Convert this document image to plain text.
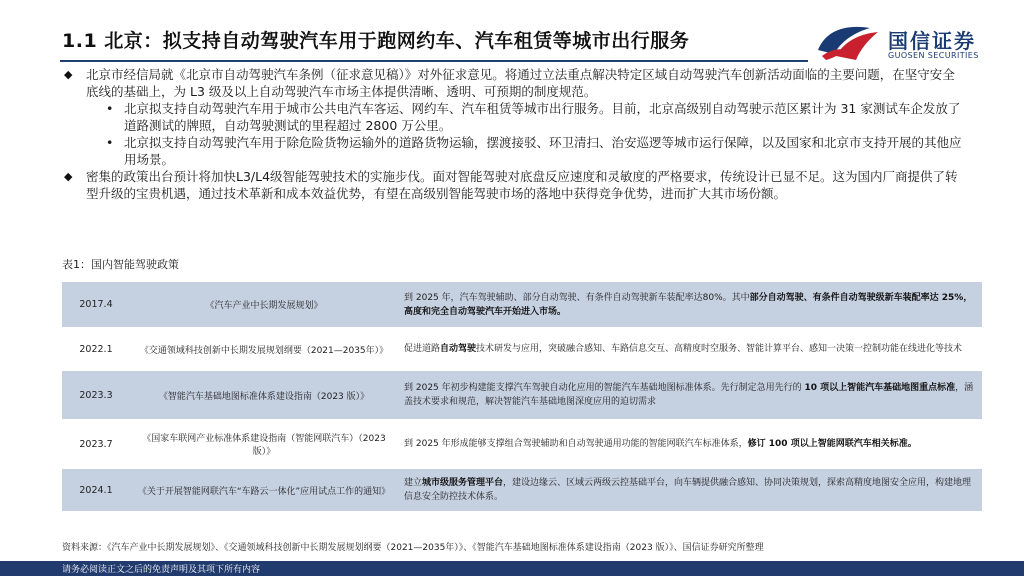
1.1 北京：拟支持自动驾驶汽车用于跑网约车、汽车租赁等城市出行服务	国信证券
GUOSEN SECURITIES

◆ 北京市经信局就《北京市自动驾驶汽车条例（征求意见稿）》对外征求意见。将通过立法重点解决特定区域自动驾驶汽车创新活动面临的主要问题，在坚守安全底线的基础上，为 L3 级及以上自动驾驶汽车市场主体提供清晰、透明、可预期的制度规范。

• 北京拟支持自动驾驶汽车用于城市公共电汽车客运、网约车、汽车租赁等城市出行服务。目前，北京高级别自动驾驶示范区累计为 31 家测试车企发放了道路测试的牌照，自动驾驶测试的里程超过 2800 万公里。

• 北京拟支持自动驾驶汽车用于除危险货物运输外的道路货物运输，摆渡接驳、环卫清扫、治安巡逻等城市运行保障，以及国家和北京市支持开展的其他应用场景。

◆ 密集的政策出台预计将加快L3/L4级智能驾驶技术的实施步伐。面对智能驾驶对底盘反应速度和灵敏度的严格要求，传统设计已显不足。这为国内厂商提供了转型升级的宝贵机遇，通过技术革新和成本效益优势，有望在高级别智能驾驶市场的落地中获得竞争优势，进而扩大其市场份额。

表1：国内智能驾驶政策
2017.4	《汽车产业中长期发展规划》	到 2025 年，汽车驾驶辅助、部分自动驾驶、有条件自动驾驶新车装配率达80%。其中部分自动驾驶、有条件自动驾驶级新车装配率达 25%，高度和完全自动驾驶汽车开始进入市场。
2022.1	《交通领域科技创新中长期发展规划纲要（2021—2035年）》	促进道路自动驾驶技术研发与应用，突破融合感知、车路信息交互、高精度时空服务、智能计算平台、感知一决策一控制功能在线进化等技术
2023.3	《智能汽车基础地图标准体系建设指南（2023 版）》	到 2025 年初步构建能支撑汽车驾驶自动化应用的智能汽车基础地图标准体系。先行制定急用先行的 10 项以上智能汽车基础地图重点标准，涵盖技术要求和规范，解决智能汽车基础地图深度应用的迫切需求
2023.7	《国家车联网产业标准体系建设指南（智能网联汽车）（2023 版）》	到 2025 年形成能够支撑组合驾驶辅助和自动驾驶通用功能的智能网联汽车标准体系，修订 100 项以上智能网联汽车相关标准。
2024.1	《关于开展智能网联汽车“车路云一体化”应用试点工作的通知》	建立城市级服务管理平台，建设边缘云、区域云两级云控基础平台，向车辆提供融合感知、协同决策规划，探索高精度地图安全应用，构建地理信息安全防控技术体系。
资料来源：《汽车产业中长期发展规划》、《交通领域科技创新中长期发展规划纲要（2021—2035年）》、《智能汽车基础地图标准体系建设指南（2023 版）》、国信证券研究所整理
请务必阅读正文之后的免责声明及其项下所有内容
